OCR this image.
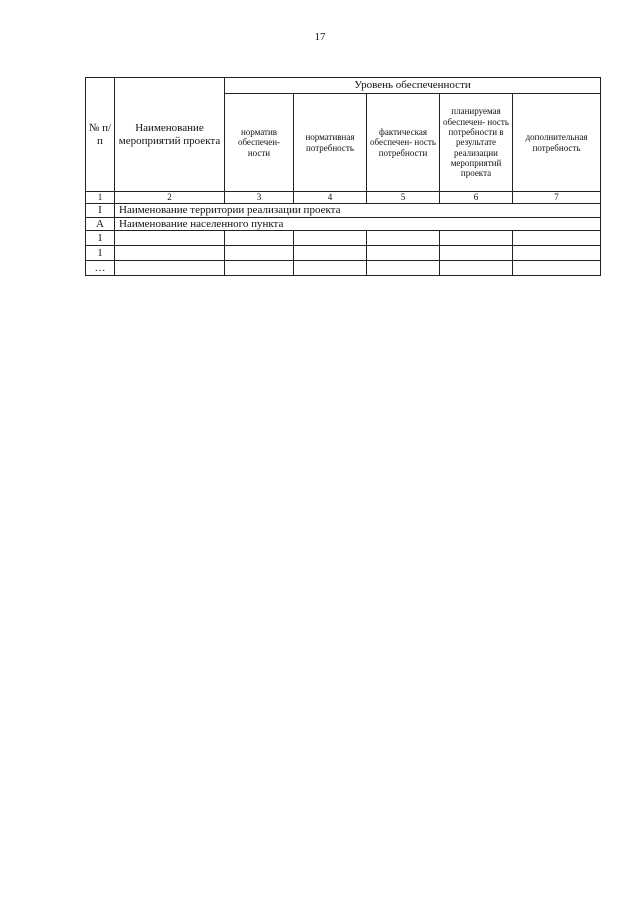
17
№ п/п	Наименование мероприятий проекта	Уровень обеспеченности				
		норматив обеспечен- ности	нормативная потребность	фактическая обеспечен- ность потребности	планируемая обеспечен- ность потребности в результате реализации мероприятий проекта	дополнительная потребность
1	2	3	4	5	6	7
I	Наименование территории реализации проекта					
А	Наименование населенного пункта					
1						
1						
…						
